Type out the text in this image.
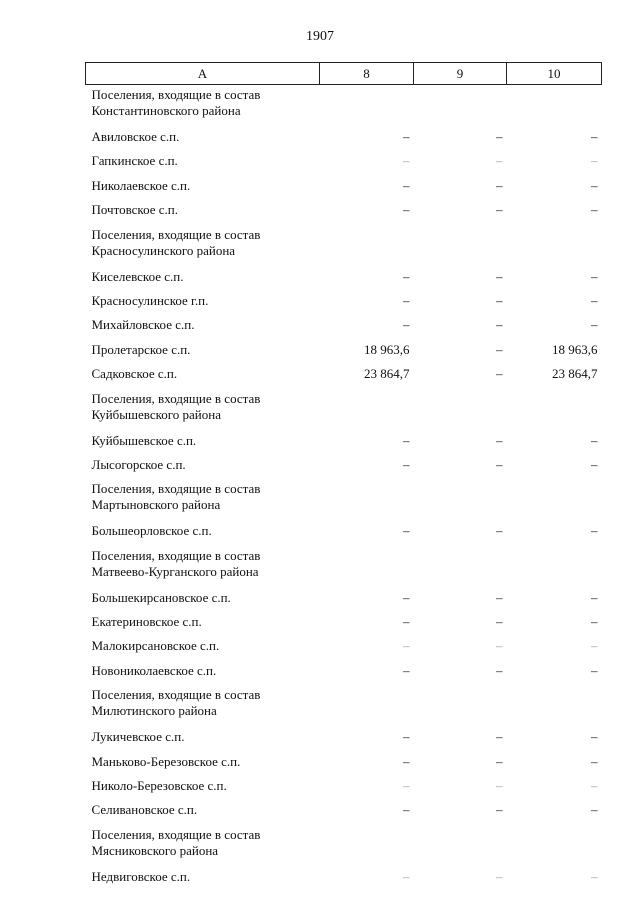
1907
А	8	9	10
Поселения, входящие в состав Константиновского района			
Авиловское с.п.	–	–	–
Гапкинское с.п.	–	–	–
Николаевское с.п.	–	–	–
Почтовское с.п.	–	–	–
Поселения, входящие в состав Красносулинского района			
Киселевское с.п.	–	–	–
Красносулинское г.п.	–	–	–
Михайловское с.п.	–	–	–
Пролетарское с.п.	18 963,6	–	18 963,6
Садковское с.п.	23 864,7	–	23 864,7
Поселения, входящие в состав Куйбышевского района			
Куйбышевское с.п.	–	–	–
Лысогорское с.п.	–	–	–
Поселения, входящие в состав Мартыновского района			
Большеорловское с.п.	–	–	–
Поселения, входящие в состав Матвеево-Курганского района			
Большекирсановское с.п.	–	–	–
Екатериновское с.п.	–	–	–
Малокирсановское с.п.	–	–	–
Новониколаевское с.п.	–	–	–
Поселения, входящие в состав Милютинского района			
Лукичевское с.п.	–	–	–
Маньково-Березовское с.п.	–	–	–
Николо-Березовское с.п.	–	–	–
Селивановское с.п.	–	–	–
Поселения, входящие в состав Мясниковского района			
Недвиговское с.п.	–	–	–
